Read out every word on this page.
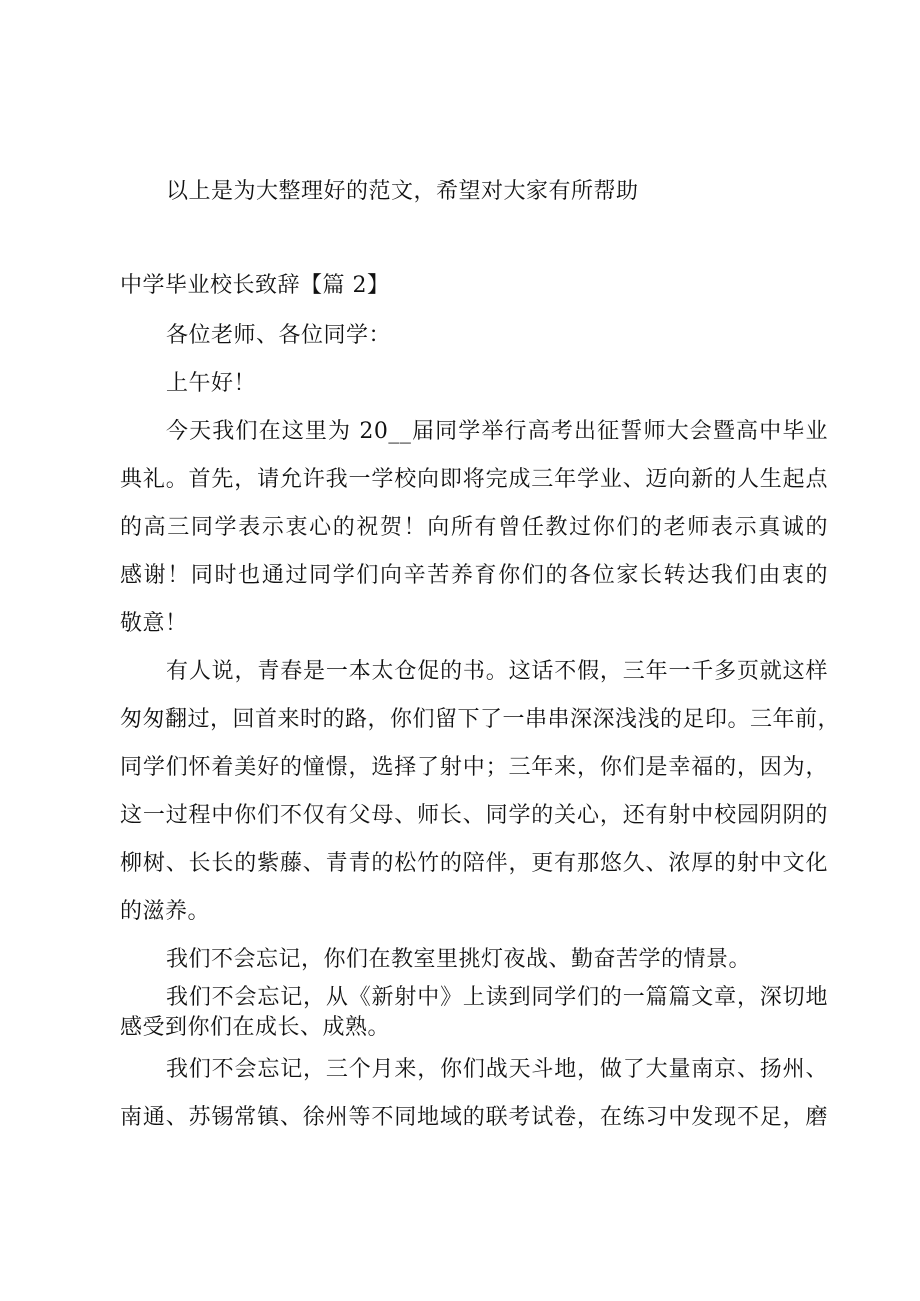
以上是为大整理好的范文，希望对大家有所帮助
中学毕业校长致辞【篇 2】
各位老师、各位同学：
上午好！
今天我们在这里为 20__届同学举行高考出征誓师大会暨高中毕业
典礼。首先，请允许我一学校向即将完成三年学业、迈向新的人生起点
的高三同学表示衷心的祝贺！向所有曾任教过你们的老师表示真诚的
感谢！同时也通过同学们向辛苦养育你们的各位家长转达我们由衷的
敬意！
有人说，青春是一本太仓促的书。这话不假，三年一千多页就这样
匆匆翻过，回首来时的路，你们留下了一串串深深浅浅的足印。三年前，
同学们怀着美好的憧憬，选择了射中；三年来，你们是幸福的，因为，
这一过程中你们不仅有父母、师长、同学的关心，还有射中校园阴阴的
柳树、长长的紫藤、青青的松竹的陪伴，更有那悠久、浓厚的射中文化
的滋养。
我们不会忘记，你们在教室里挑灯夜战、勤奋苦学的情景。
我们不会忘记，从《新射中》上读到同学们的一篇篇文章，深切地
感受到你们在成长、成熟。
我们不会忘记，三个月来，你们战天斗地，做了大量南京、扬州、
南通、苏锡常镇、徐州等不同地域的联考试卷，在练习中发现不足，磨
